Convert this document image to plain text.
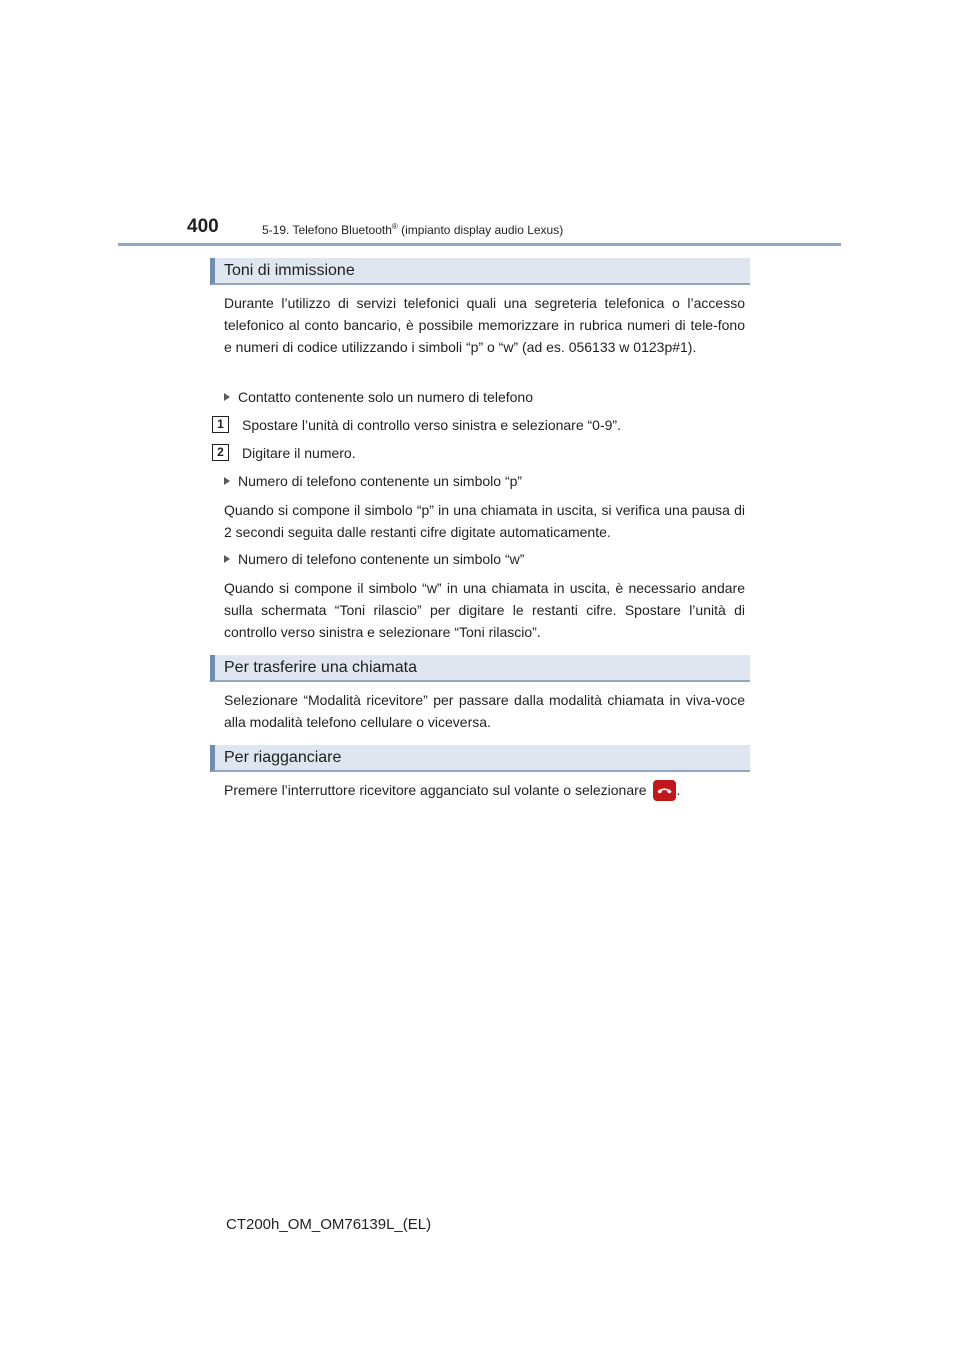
400	5-19. Telefono Bluetooth® (impianto display audio Lexus)
Toni di immissione
Durante l’utilizzo di servizi telefonici quali una segreteria telefonica o l’accesso telefonico al conto bancario, è possibile memorizzare in rubrica numeri di tele-fono e numeri di codice utilizzando i simboli “p” o “w” (ad es. 056133 w 0123p#1).
Contatto contenente solo un numero di telefono
1	Spostare l’unità di controllo verso sinistra e selezionare “0-9”.
2	Digitare il numero.
Numero di telefono contenente un simbolo “p”
Quando si compone il simbolo “p” in una chiamata in uscita, si verifica una pausa di 2 secondi seguita dalle restanti cifre digitate automaticamente.
Numero di telefono contenente un simbolo “w”
Quando si compone il simbolo “w” in una chiamata in uscita, è necessario andare sulla schermata “Toni rilascio” per digitare le restanti cifre. Spostare l’unità di controllo verso sinistra e selezionare “Toni rilascio”.
Per trasferire una chiamata
Selezionare “Modalità ricevitore” per passare dalla modalità chiamata in viva-voce alla modalità telefono cellulare o viceversa.
Per riagganciare
Premere l’interruttore ricevitore agganciato sul volante o selezionare .
CT200h_OM_OM76139L_(EL)
